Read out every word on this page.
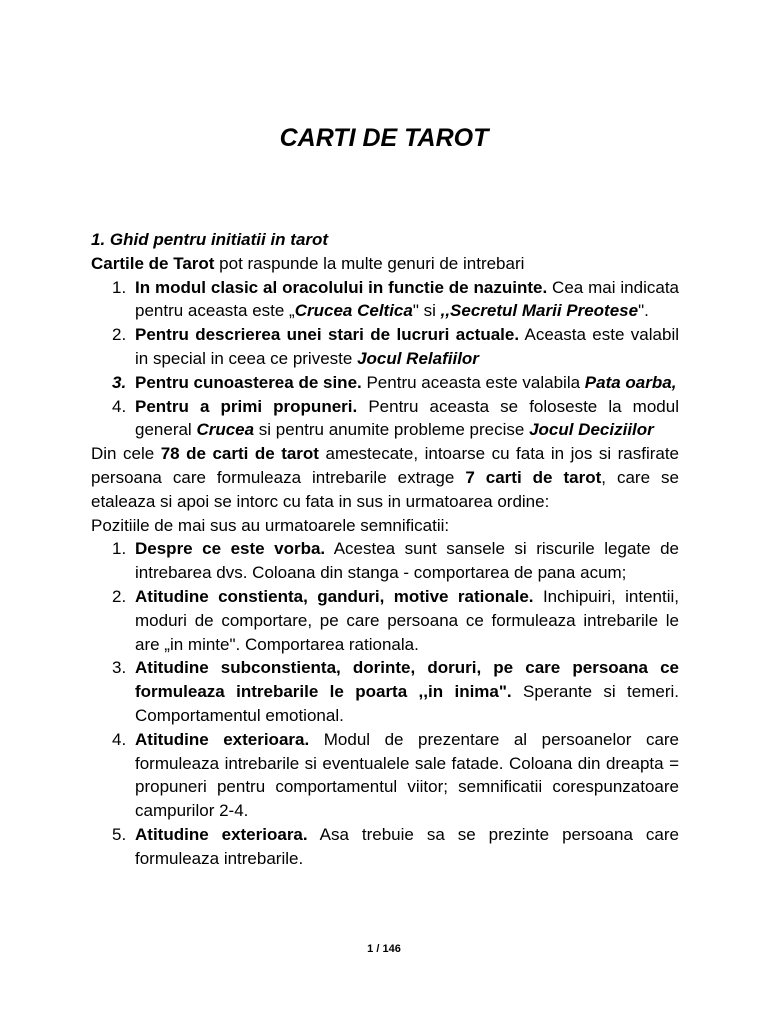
CARTI DE TAROT

1. Ghid pentru initiatii in tarot

Cartile de Tarot pot raspunde la multe genuri de intrebari

1. In modul clasic al oracolului in functie de nazuinte. Cea mai indicata pentru aceasta este „Crucea Celtica" si ,,Secretul Marii Preotese".
2. Pentru descrierea unei stari de lucruri actuale. Aceasta este valabil in special in ceea ce priveste Jocul Relafiilor
3. Pentru cunoasterea de sine. Pentru aceasta este valabila Pata oarba,
4. Pentru a primi propuneri. Pentru aceasta se foloseste la modul general Crucea si pentru anumite probleme precise Jocul Deciziilor

Din cele 78 de carti de tarot amestecate, intoarse cu fata in jos si rasfirate persoana care formuleaza intrebarile extrage 7 carti de tarot, care se etaleaza si apoi se intorc cu fata in sus in urmatoarea ordine:

Pozitiile de mai sus au urmatoarele semnificatii:

1. Despre ce este vorba. Acestea sunt sansele si riscurile legate de intrebarea dvs. Coloana din stanga - comportarea de pana acum;
2. Atitudine constienta, ganduri, motive rationale. Inchipuiri, intentii, moduri de comportare, pe care persoana ce formuleaza intrebarile le are „in minte". Comportarea rationala.
3. Atitudine subconstienta, dorinte, doruri, pe care persoana ce formuleaza intrebarile le poarta ,,in inima". Sperante si temeri. Comportamentul emotional.
4. Atitudine exterioara. Modul de prezentare al persoanelor care formuleaza intrebarile si eventualele sale fatade. Coloana din dreapta = propuneri pentru comportamentul viitor; semnificatii corespunzatoare campurilor 2-4.
5. Atitudine exterioara. Asa trebuie sa se prezinte persoana care formuleaza intrebarile.
1 / 146
